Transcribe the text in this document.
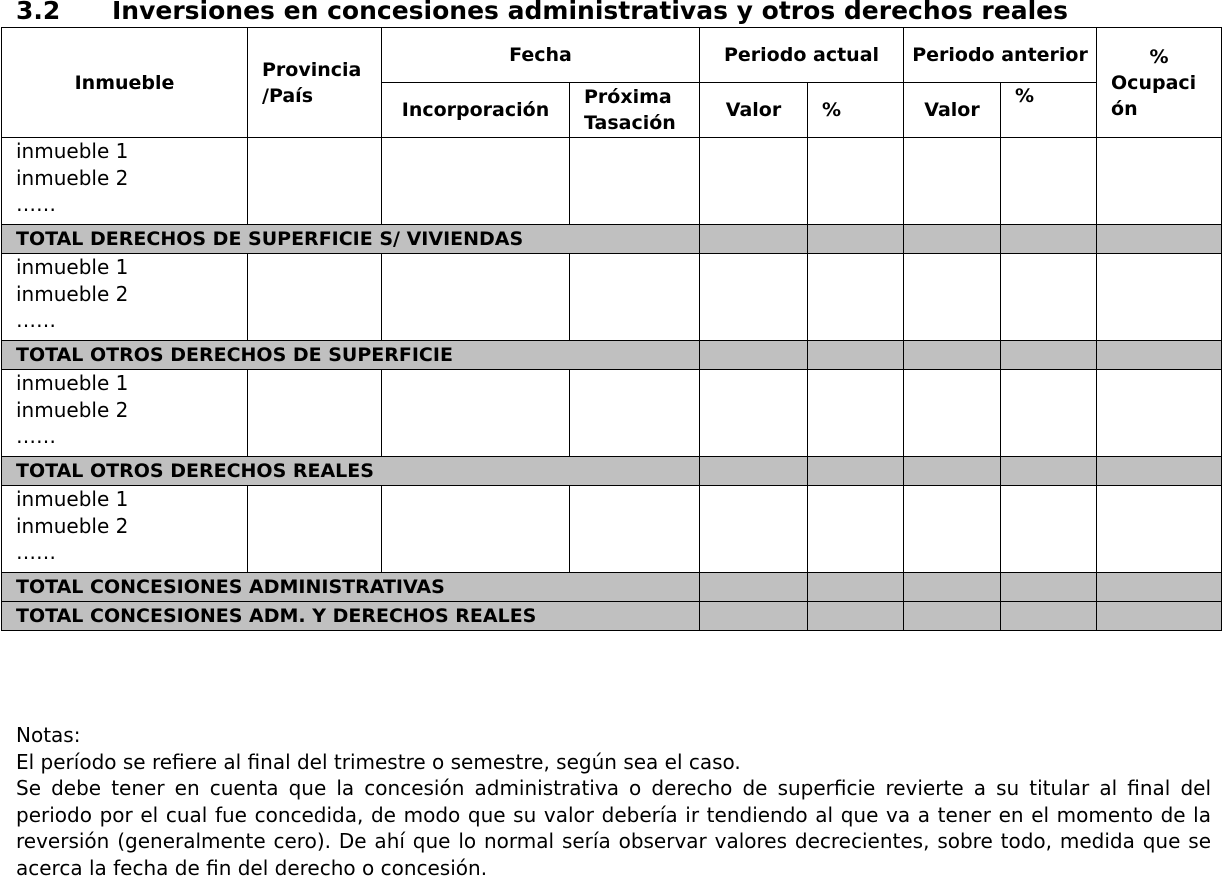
3.2 Inversiones en concesiones administrativas y otros derechos reales
Inmueble	Provincia /País	Fecha		Periodo actual		Periodo anterior		%
Ocupaci
ón

		Incorporación	Próxima Tasación	Valor	%	Valor	%	

inmueble 1
inmueble 2
……								

TOTAL DERECHOS DE SUPERFICIE S/ VIVIENDAS								

inmueble 1
inmueble 2
……								

TOTAL OTROS DERECHOS DE SUPERFICIE								

inmueble 1
inmueble 2
……								

TOTAL OTROS DERECHOS REALES								

inmueble 1
inmueble 2
……								

TOTAL CONCESIONES ADMINISTRATIVAS								
TOTAL CONCESIONES ADM. Y DERECHOS REALES								

Notas:

El período se refiere al final del trimestre o semestre, según sea el caso.

Se debe tener en cuenta que la concesión administrativa o derecho de superficie revierte a su titular al final del periodo por el cual fue concedida, de modo que su valor debería ir tendiendo al que va a tener en el momento de la reversión (generalmente cero). De ahí que lo normal sería observar valores decrecientes, sobre todo, medida que se acerca la fecha de fin del derecho o concesión.
